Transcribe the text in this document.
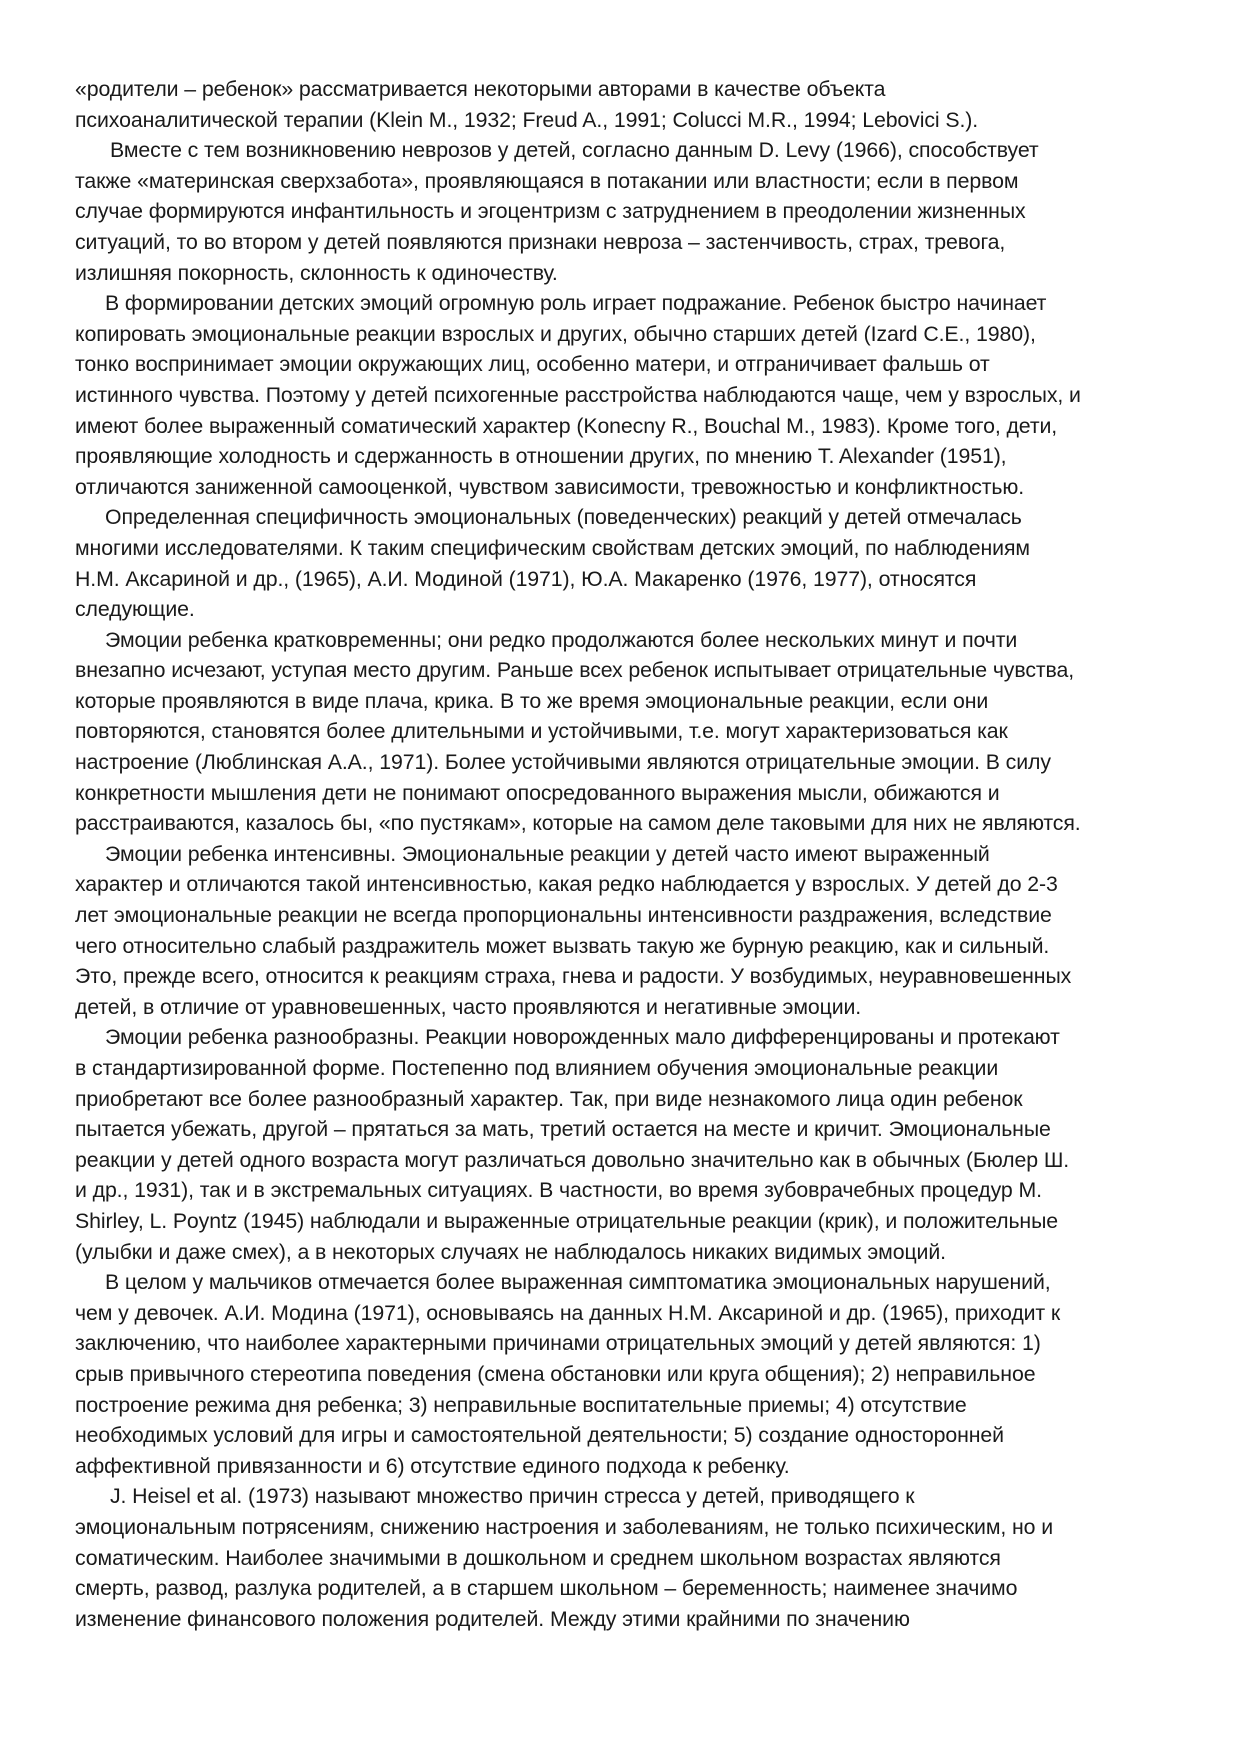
«родители – ребенок» рассматривается некоторыми авторами в качестве объекта
психоаналитической терапии (Klein M., 1932; Freud A., 1991; Colucci M.R., 1994; Lebovici S.).
Вместе с тем возникновению неврозов у детей, согласно данным D. Levy (1966), способствует
также «материнская сверхзабота», проявляющаяся в потакании или властности; если в первом
случае формируются инфантильность и эгоцентризм с затруднением в преодолении жизненных
ситуаций, то во втором у детей появляются признаки невроза – застенчивость, страх, тревога,
излишняя покорность, склонность к одиночеству.
В формировании детских эмоций огромную роль играет подражание. Ребенок быстро начинает
копировать эмоциональные реакции взрослых и других, обычно старших детей (Izard C.E., 1980),
тонко воспринимает эмоции окружающих лиц, особенно матери, и отграничивает фальшь от
истинного чувства. Поэтому у детей психогенные расстройства наблюдаются чаще, чем у взрослых, и
имеют более выраженный соматический характер (Konecny R., Bouchal M., 1983). Кроме того, дети,
проявляющие холодность и сдержанность в отношении других, по мнению T. Alexander (1951),
отличаются заниженной самооценкой, чувством зависимости, тревожностью и конфликтностью.
Определенная специфичность эмоциональных (поведенческих) реакций у детей отмечалась
многими исследователями. К таким специфическим свойствам детских эмоций, по наблюдениям
Н.М. Аксариной и др., (1965), А.И. Модиной (1971), Ю.А. Макаренко (1976, 1977), относятся
следующие.
Эмоции ребенка кратковременны; они редко продолжаются более нескольких минут и почти
внезапно исчезают, уступая место другим. Раньше всех ребенок испытывает отрицательные чувства,
которые проявляются в виде плача, крика. В то же время эмоциональные реакции, если они
повторяются, становятся более длительными и устойчивыми, т.е. могут характеризоваться как
настроение (Люблинская А.А., 1971). Более устойчивыми являются отрицательные эмоции. В силу
конкретности мышления дети не понимают опосредованного выражения мысли, обижаются и
расстраиваются, казалось бы, «по пустякам», которые на самом деле таковыми для них не являются.
Эмоции ребенка интенсивны. Эмоциональные реакции у детей часто имеют выраженный
характер и отличаются такой интенсивностью, какая редко наблюдается у взрослых. У детей до 2-3
лет эмоциональные реакции не всегда пропорциональны интенсивности раздражения, вследствие
чего относительно слабый раздражитель может вызвать такую же бурную реакцию, как и сильный.
Это, прежде всего, относится к реакциям страха, гнева и радости. У возбудимых, неуравновешенных
детей, в отличие от уравновешенных, часто проявляются и негативные эмоции.
Эмоции ребенка разнообразны. Реакции новорожденных мало дифференцированы и протекают
в стандартизированной форме. Постепенно под влиянием обучения эмоциональные реакции
приобретают все более разнообразный характер. Так, при виде незнакомого лица один ребенок
пытается убежать, другой – прятаться за мать, третий остается на месте и кричит. Эмоциональные
реакции у детей одного возраста могут различаться довольно значительно как в обычных (Бюлер Ш.
и др., 1931), так и в экстремальных ситуациях. В частности, во время зубоврачебных процедур M.
Shirley, L. Poyntz (1945) наблюдали и выраженные отрицательные реакции (крик), и положительные
(улыбки и даже смех), а в некоторых случаях не наблюдалось никаких видимых эмоций.
В целом у мальчиков отмечается более выраженная симптоматика эмоциональных нарушений,
чем у девочек. А.И. Модина (1971), основываясь на данных Н.М. Аксариной и др. (1965), приходит к
заключению, что наиболее характерными причинами отрицательных эмоций у детей являются: 1)
срыв привычного стереотипа поведения (смена обстановки или круга общения); 2) неправильное
построение режима дня ребенка; 3) неправильные воспитательные приемы; 4) отсутствие
необходимых условий для игры и самостоятельной деятельности; 5) создание односторонней
аффективной привязанности и 6) отсутствие единого подхода к ребенку.
J. Heisel et al. (1973) называют множество причин стресса у детей, приводящего к
эмоциональным потрясениям, снижению настроения и заболеваниям, не только психическим, но и
соматическим. Наиболее значимыми в дошкольном и среднем школьном возрастах являются
смерть, развод, разлука родителей, а в старшем школьном – беременность; наименее значимо
изменение финансового положения родителей. Между этими крайними по значению
